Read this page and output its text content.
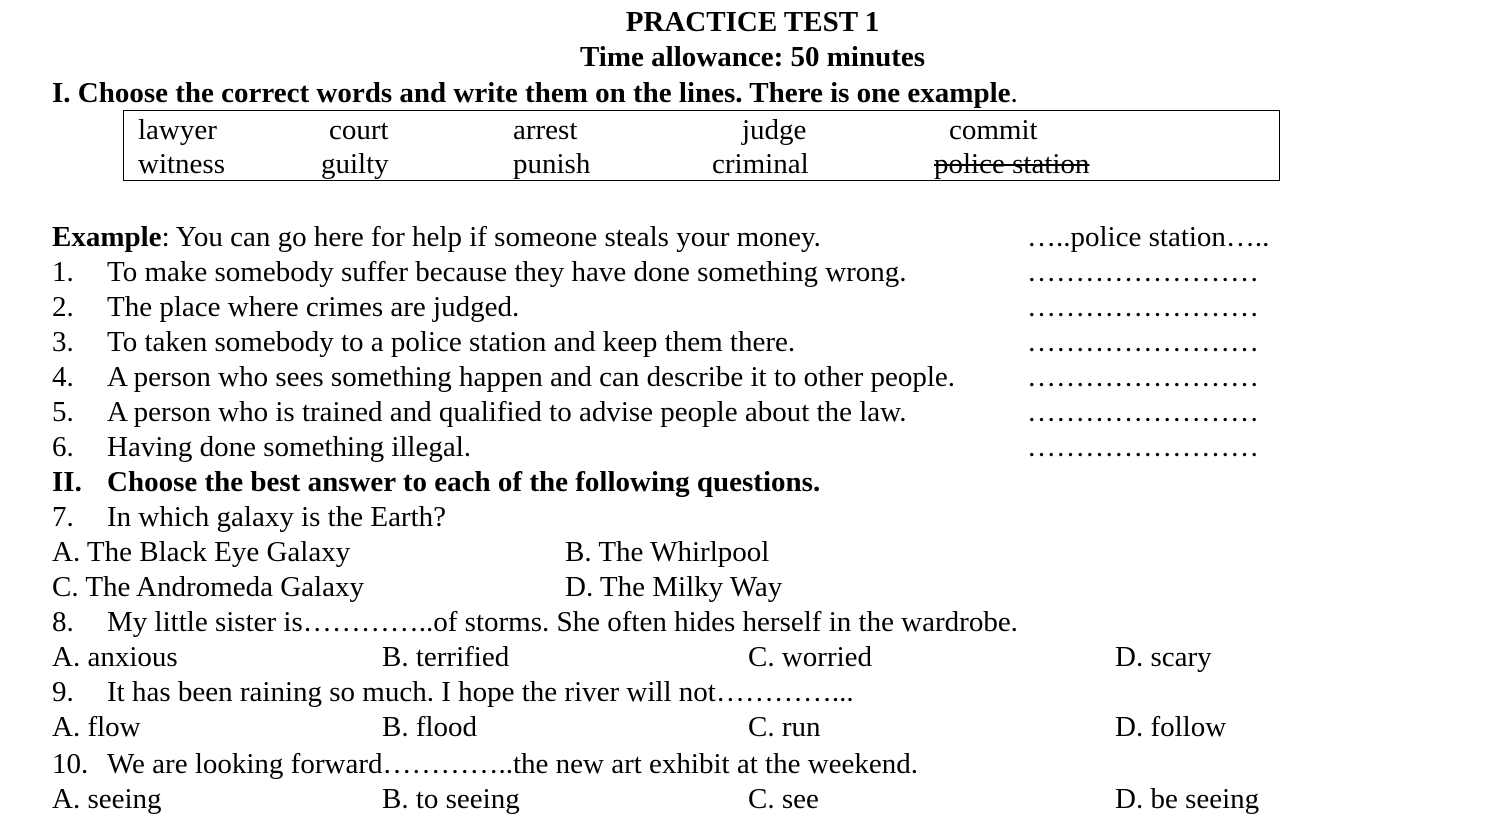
PRACTICE TEST 1
Time allowance: 50 minutes
I. Choose the correct words and write them on the lines. There is one example.
lawyer	court	arrest	judge	commit
witness	guilty	punish	criminal	police station
Example: You can go here for help if someone steals your money.	…..police station…..
1. To make somebody suffer because they have done something wrong.	……………………
2. The place where crimes are judged.	……………………
3. To taken somebody to a police station and keep them there.	……………………
4. A person who sees something happen and can describe it to other people. ……………………
5. A person who is trained and qualified to advise people about the law.	……………………
6. Having done something illegal.	……………………
II. Choose the best answer to each of the following questions.
7. In which galaxy is the Earth?
A. The Black Eye Galaxy	B. The Whirlpool
C. The Andromeda Galaxy	D. The Milky Way
8. My little sister is…………..of storms. She often hides herself in the wardrobe.
A. anxious	B. terrified	C. worried	D. scary
9. It has been raining so much. I hope the river will not…………...
A. flow	B. flood	C. run	D. follow
10. We are looking forward…………..the new art exhibit at the weekend.
A. seeing	B. to seeing	C. see	D. be seeing
